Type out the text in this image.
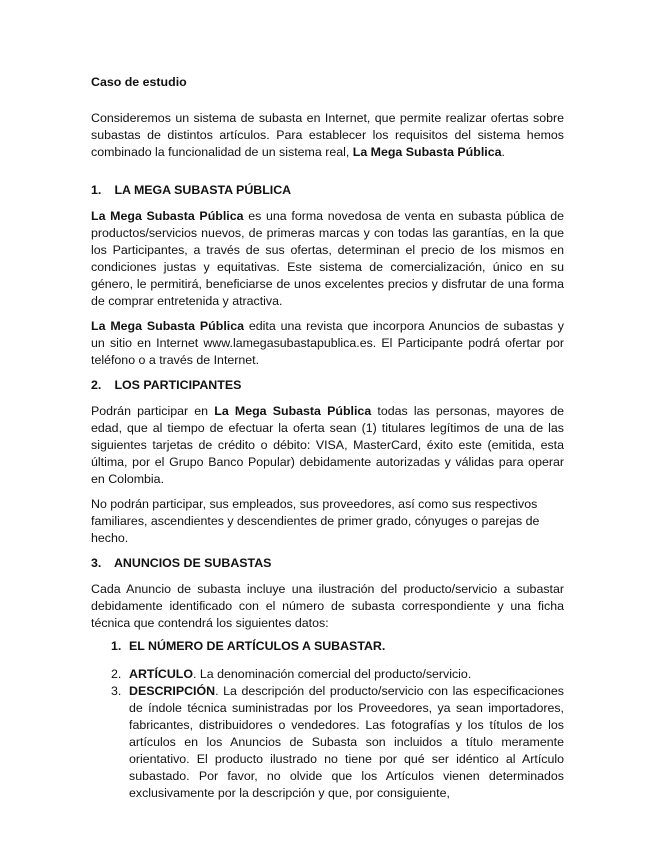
Caso de estudio

Consideremos un sistema de subasta en Internet, que permite realizar ofertas sobre subastas de distintos artículos. Para establecer los requisitos del sistema hemos combinado la funcionalidad de un sistema real, La Mega Subasta Pública.

1. LA MEGA SUBASTA PÚBLICA

La Mega Subasta Pública es una forma novedosa de venta en subasta pública de productos/servicios nuevos, de primeras marcas y con todas las garantías, en la que los Participantes, a través de sus ofertas, determinan el precio de los mismos en condiciones justas y equitativas. Este sistema de comercialización, único en su género, le permitirá, beneficiarse de unos excelentes precios y disfrutar de una forma de comprar entretenida y atractiva.

La Mega Subasta Pública edita una revista que incorpora Anuncios de subastas y un sitio en Internet www.lamegasubastapublica.es. El Participante podrá ofertar por teléfono o a través de Internet.

2. LOS PARTICIPANTES

Podrán participar en La Mega Subasta Pública todas las personas, mayores de edad, que al tiempo de efectuar la oferta sean (1) titulares legítimos de una de las siguientes tarjetas de crédito o débito: VISA, MasterCard, éxito este (emitida, esta última, por el Grupo Banco Popular) debidamente autorizadas y válidas para operar en Colombia.

No podrán participar, sus empleados, sus proveedores, así como sus respectivos familiares, ascendientes y descendientes de primer grado, cónyuges o parejas de hecho.

3. ANUNCIOS DE SUBASTAS

Cada Anuncio de subasta incluye una ilustración del producto/servicio a subastar debidamente identificado con el número de subasta correspondiente y una ficha técnica que contendrá los siguientes datos:

1. EL NÚMERO DE ARTÍCULOS A SUBASTAR.
2. ARTÍCULO. La denominación comercial del producto/servicio.
3. DESCRIPCIÓN. La descripción del producto/servicio con las especificaciones de índole técnica suministradas por los Proveedores, ya sean importadores, fabricantes, distribuidores o vendedores. Las fotografías y los títulos de los artículos en los Anuncios de Subasta son incluidos a título meramente orientativo. El producto ilustrado no tiene por qué ser idéntico al Artículo subastado. Por favor, no olvide que los Artículos vienen determinados exclusivamente por la descripción y que, por consiguiente,
